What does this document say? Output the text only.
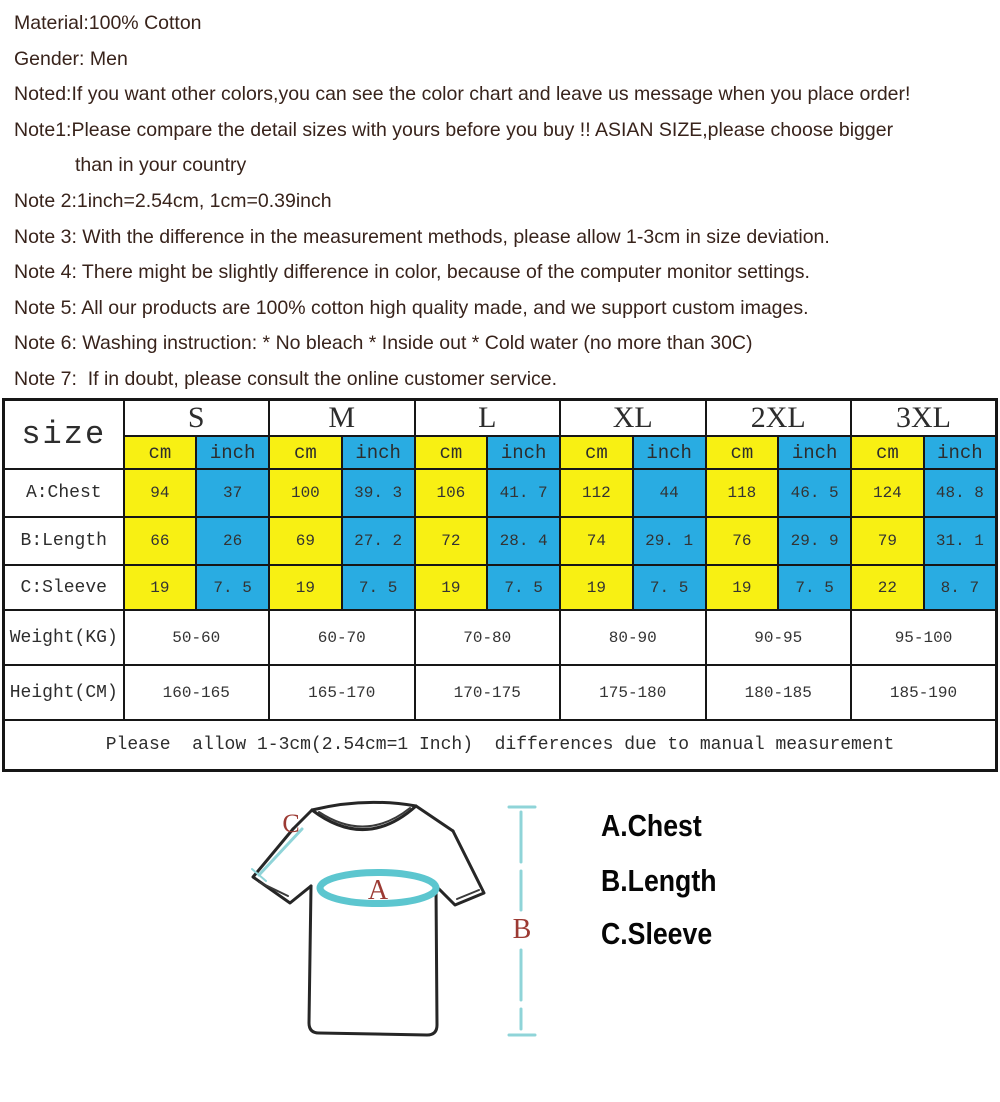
Material:100% Cotton
Gender: Men
Noted:If you want other colors,you can see the color chart and leave us message when you place order!
Note1:Please compare the detail sizes with yours before you buy !! ASIAN SIZE,please choose bigger
than in your country
Note 2:1inch=2.54cm, 1cm=0.39inch
Note 3: With the difference in the measurement methods, please allow 1-3cm in size deviation.
Note 4: There might be slightly difference in color, because of the computer monitor settings.
Note 5: All our products are 100% cotton high quality made, and we support custom images.
Note 6: Washing instruction: * No bleach * Inside out * Cold water (no more than 30C)
Note 7:  If in doubt, please consult the online customer service.
size	S		M		L		XL		2XL		3XL	
	cm	inch	cm	inch	cm	inch	cm	inch	cm	inch	cm	inch
A:Chest	94	37	100	39. 3	106	41. 7	112	44	118	46. 5	124	48. 8
B:Length	66	26	69	27. 2	72	28. 4	74	29. 1	76	29. 9	79	31. 1
C:Sleeve	19	7. 5	19	7. 5	19	7. 5	19	7. 5	19	7. 5	22	8. 7
Weight(KG)	50-60		60-70		70-80		80-90		90-95		95-100	
Height(CM)	160-165		165-170		170-175		175-180		180-185		185-190	
Please  allow 1-3cm(2.54cm=1 Inch)  differences due to manual measurement												
A
B
C	A.Chest
B.Length
C.Sleeve
